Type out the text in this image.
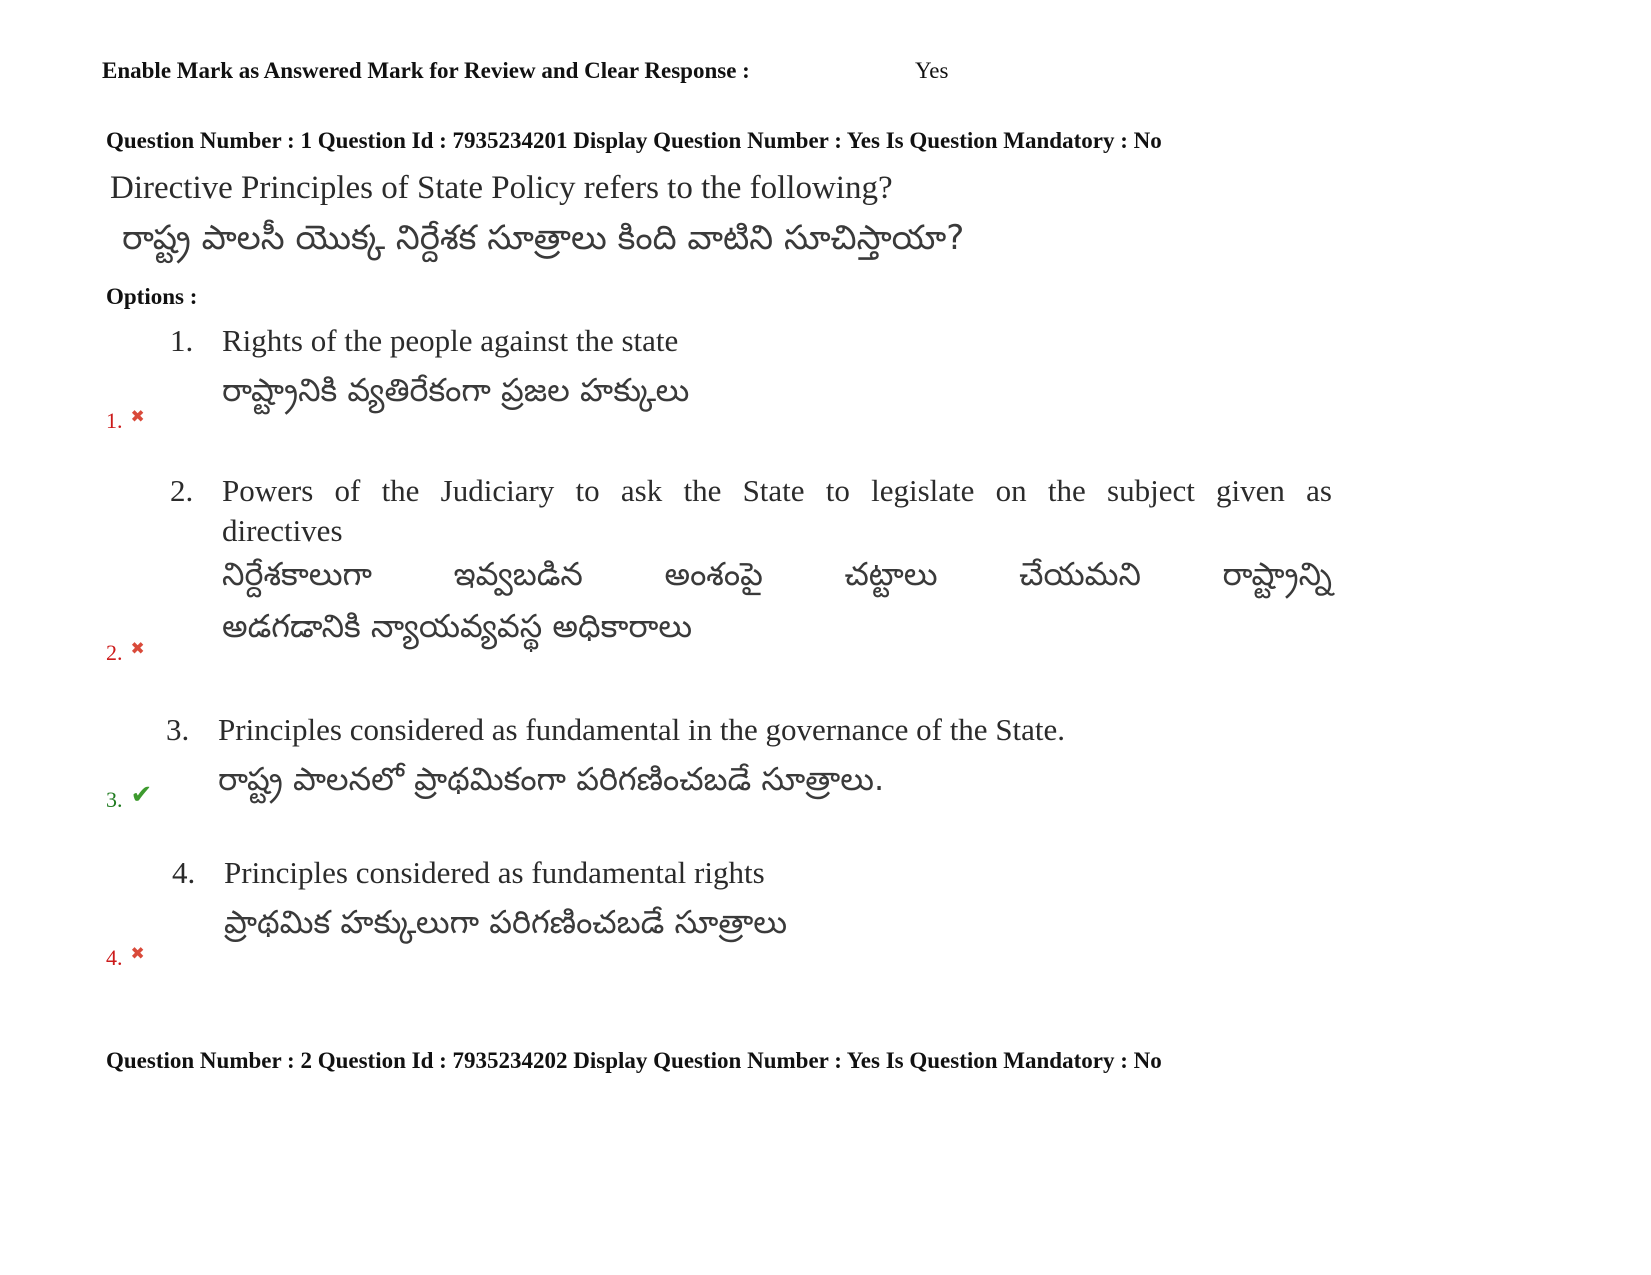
Enable Mark as Answered Mark for Review and Clear Response :	Yes
Question Number : 1 Question Id : 7935234201 Display Question Number : Yes Is Question Mandatory : No
Directive Principles of State Policy refers to the following?
రాష్ట్ర పాలసీ యొక్క నిర్దేశక సూత్రాలు కింది వాటిని సూచిస్తాయా?
Options :
1. Rights of the people against the state
రాష్ట్రానికి వ్యతిరేకంగా ప్రజల హక్కులు
1. ✖
2. Powers of the Judiciary to ask the State to legislate on the subject given as
directives
నిర్దేశకాలుగా ఇవ్వబడిన అంశంపై చట్టాలు చేయమని రాష్ట్రాన్ని
అడగడానికి న్యాయవ్యవస్థ అధికారాలు
2. ✖
3. Principles considered as fundamental in the governance of the State.
రాష్ట్ర పాలనలో ప్రాథమికంగా పరిగణించబడే సూత్రాలు.
3. ✔
4. Principles considered as fundamental rights
ప్రాథమిక హక్కులుగా పరిగణించబడే సూత్రాలు
4. ✖
Question Number : 2 Question Id : 7935234202 Display Question Number : Yes Is Question Mandatory : No
